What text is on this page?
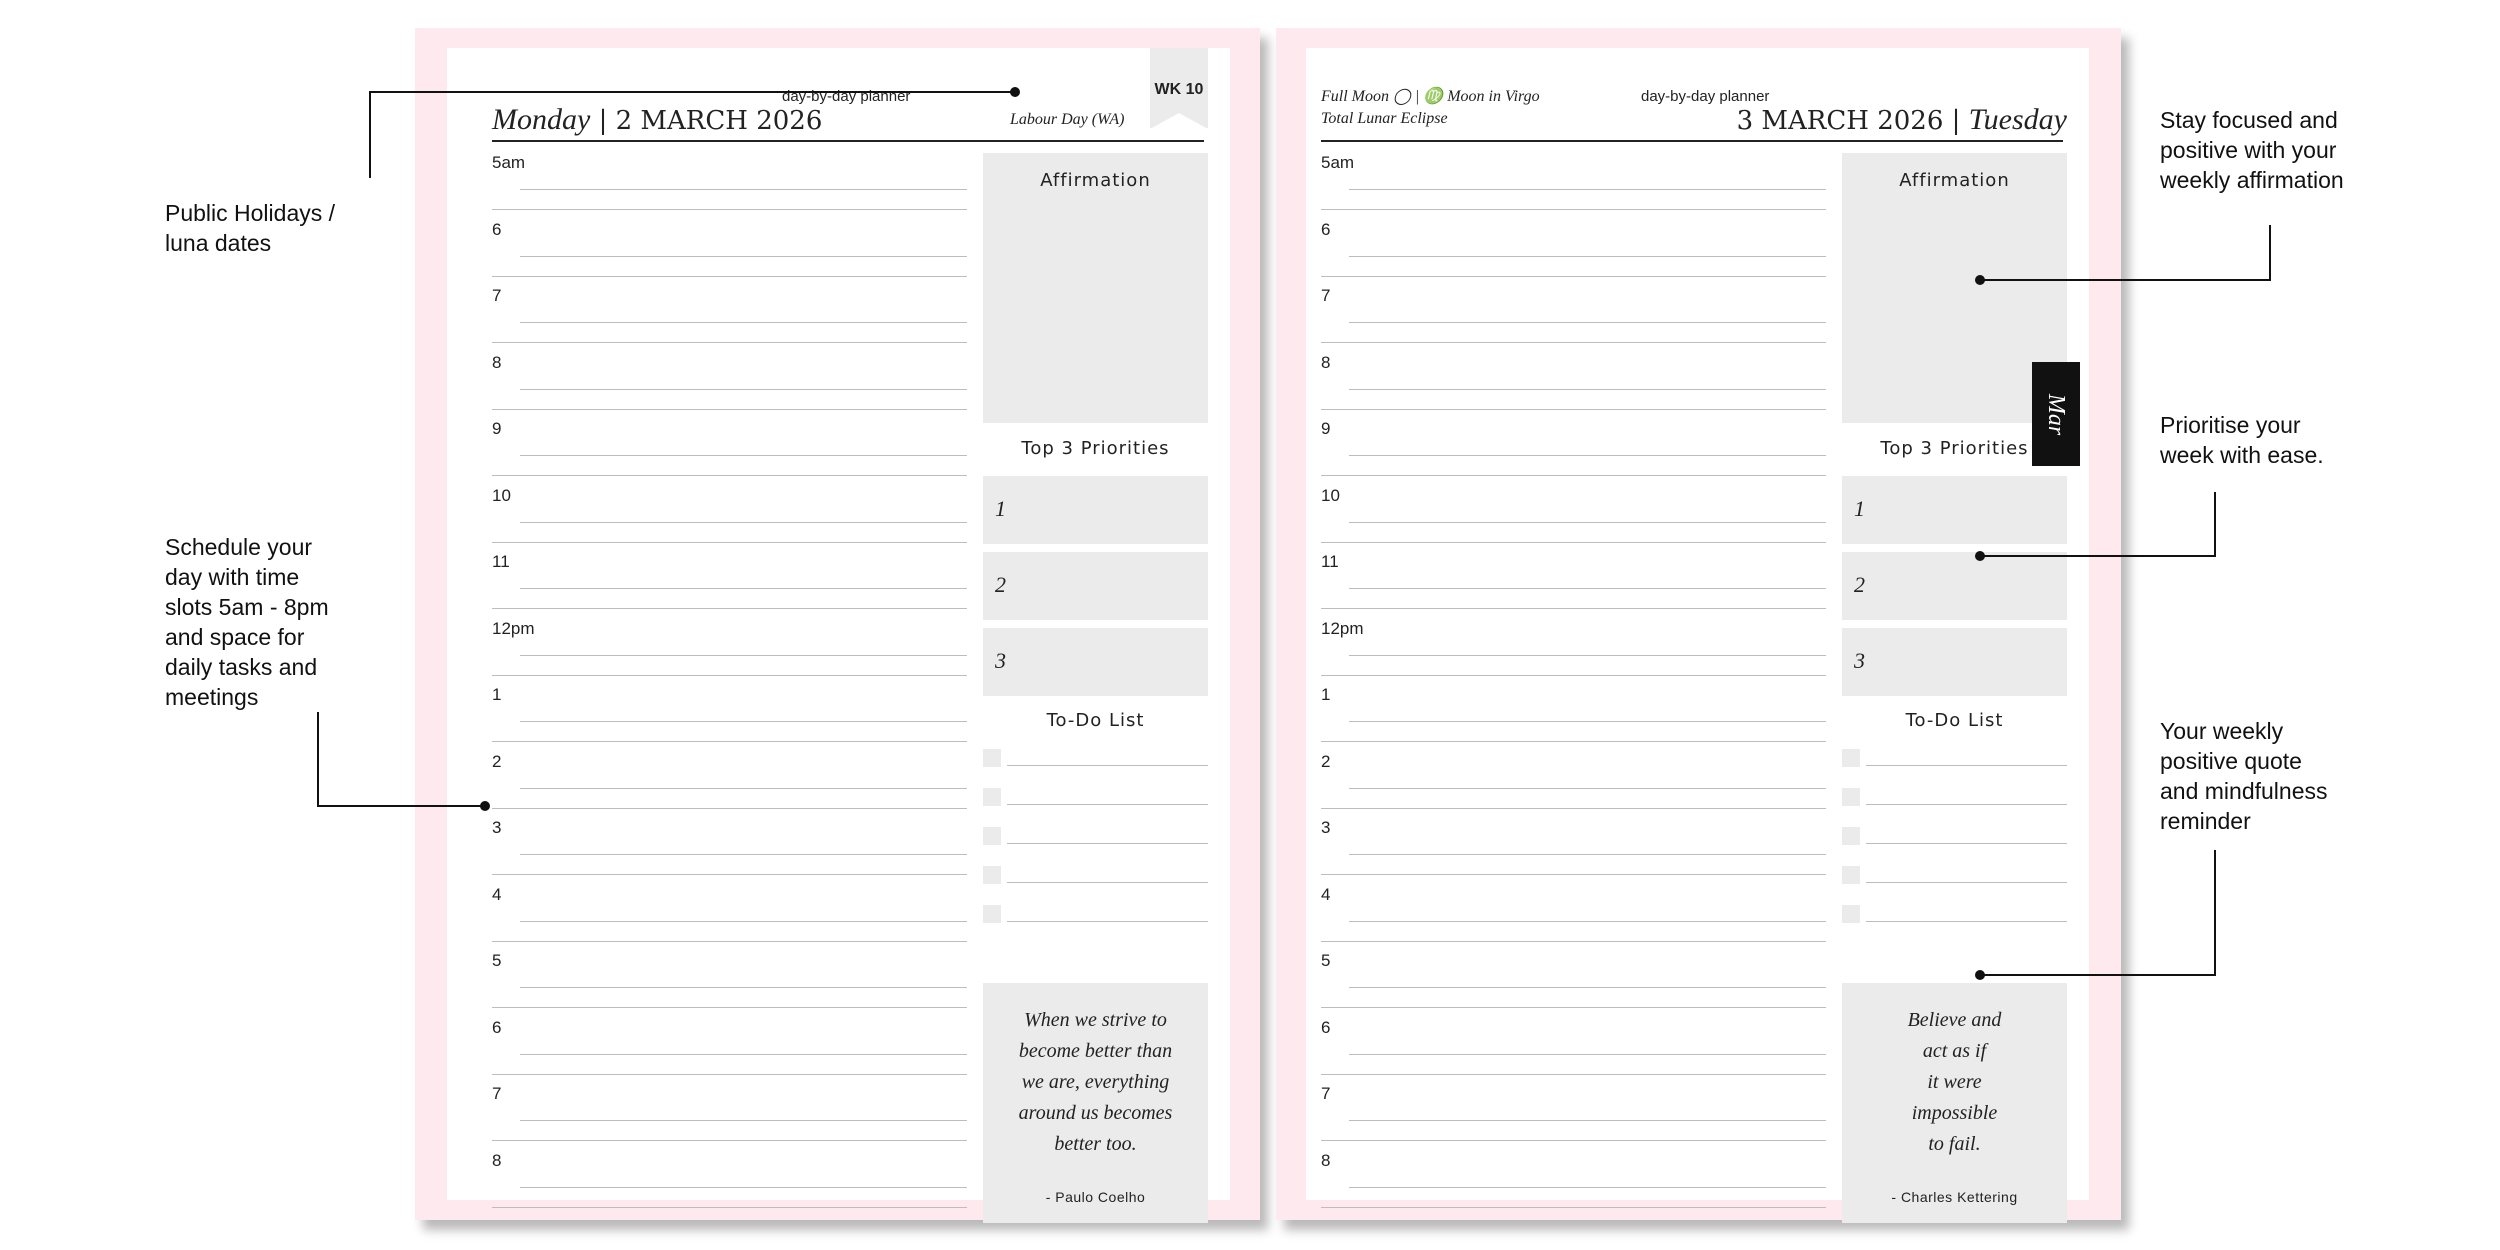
day-by-day planner
Monday | 2 MARCH 2026	Labour Day (WA)
WK 10
5am
6
7
8
9
10
11
12pm
1
2
3
4
5
6
7
8
Affirmation
Top 3 Priorities
1
2
3
To-Do List
When we strive to
become better than
we are, everything
around us becomes
better too.
- Paulo Coelho
day-by-day planner
Full Moon ◯ | ♍ Moon in Virgo
Total Lunar Eclipse	3 MARCH 2026 | Tuesday
5am
6
7
8
9
10
11
12pm
1
2
3
4
5
6
7
8
Affirmation
Top 3 Priorities
1
2
3
To-Do List
Believe and
act as if
it were
impossible
to fail.
- Charles Kettering
Mar
Public Holidays /
luna dates
Schedule your
day with time
slots 5am - 8pm
and space for
daily tasks and
meetings
Stay focused and
positive with your
weekly affirmation
Prioritise your
week with ease.
Your weekly
positive quote
and mindfulness
reminder
